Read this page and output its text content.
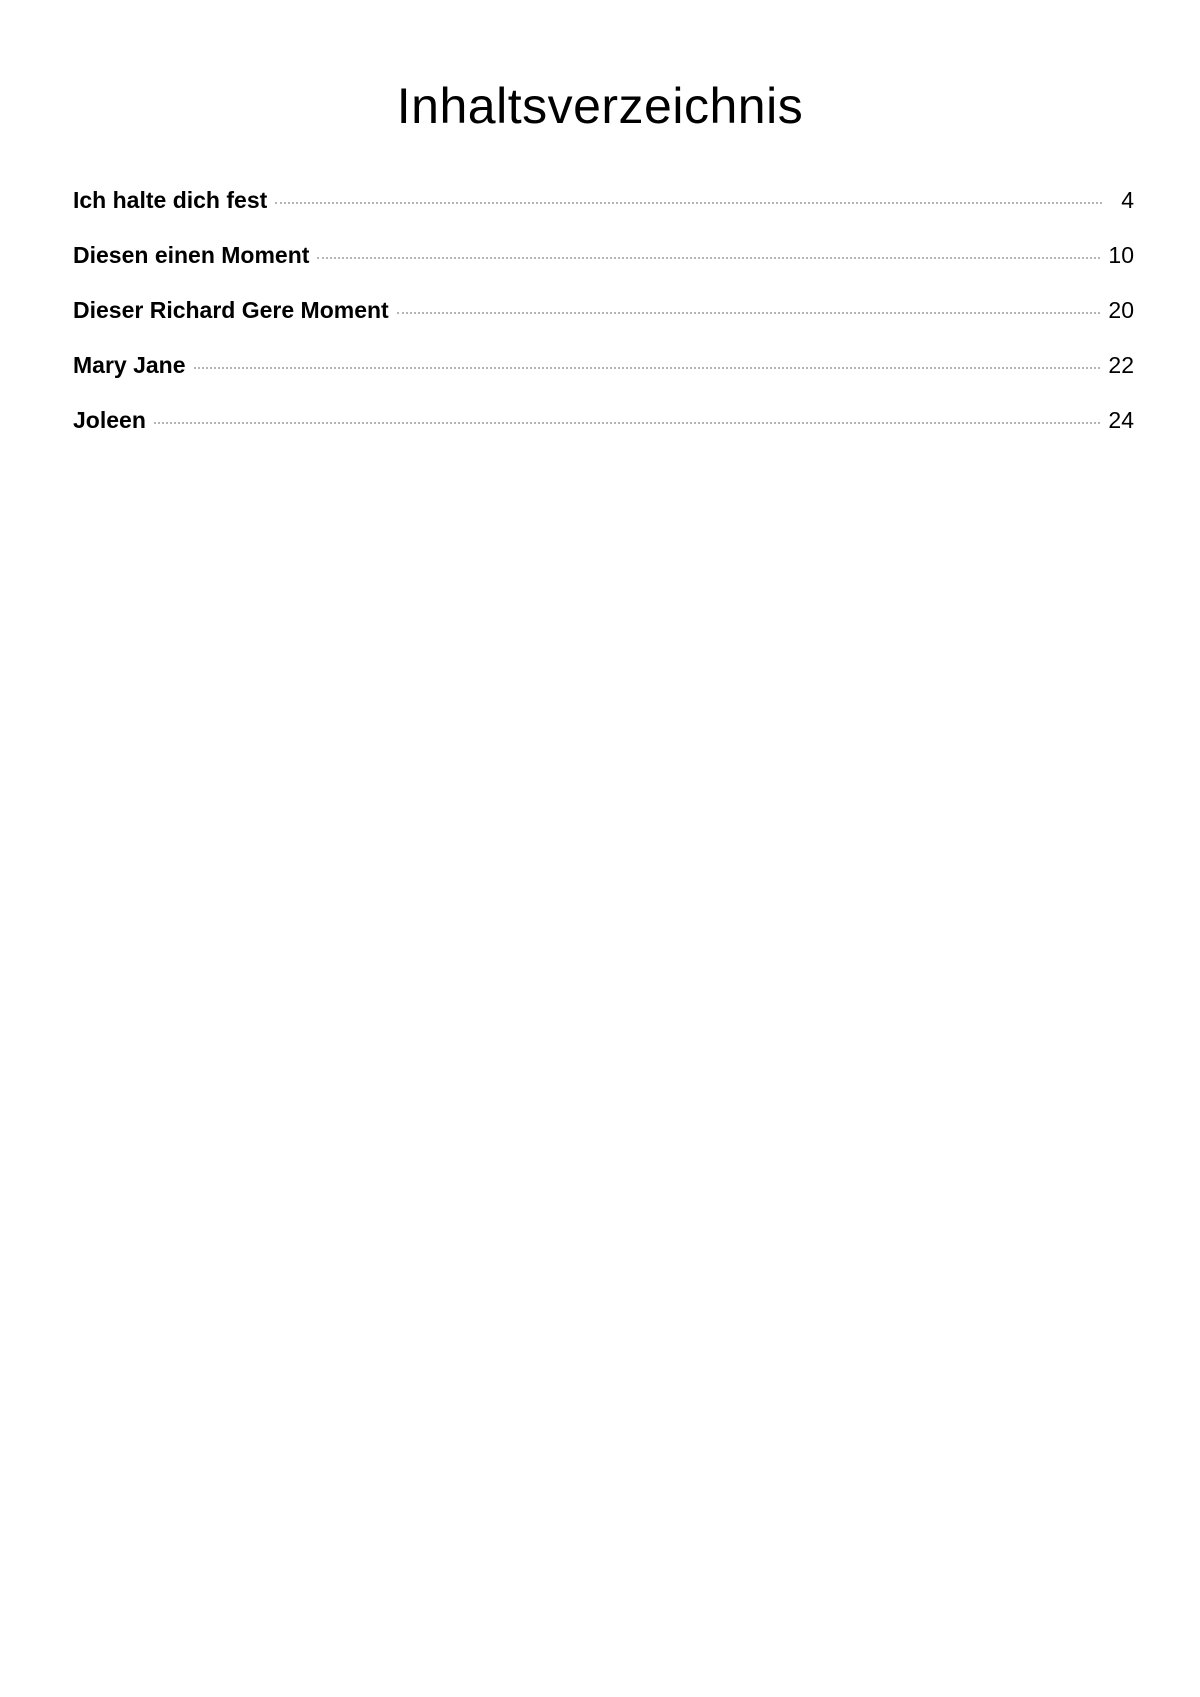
Inhaltsverzeichnis
Ich halte dich fest	4
Diesen einen Moment	10
Dieser Richard Gere Moment	20
Mary Jane	22
Joleen	24
